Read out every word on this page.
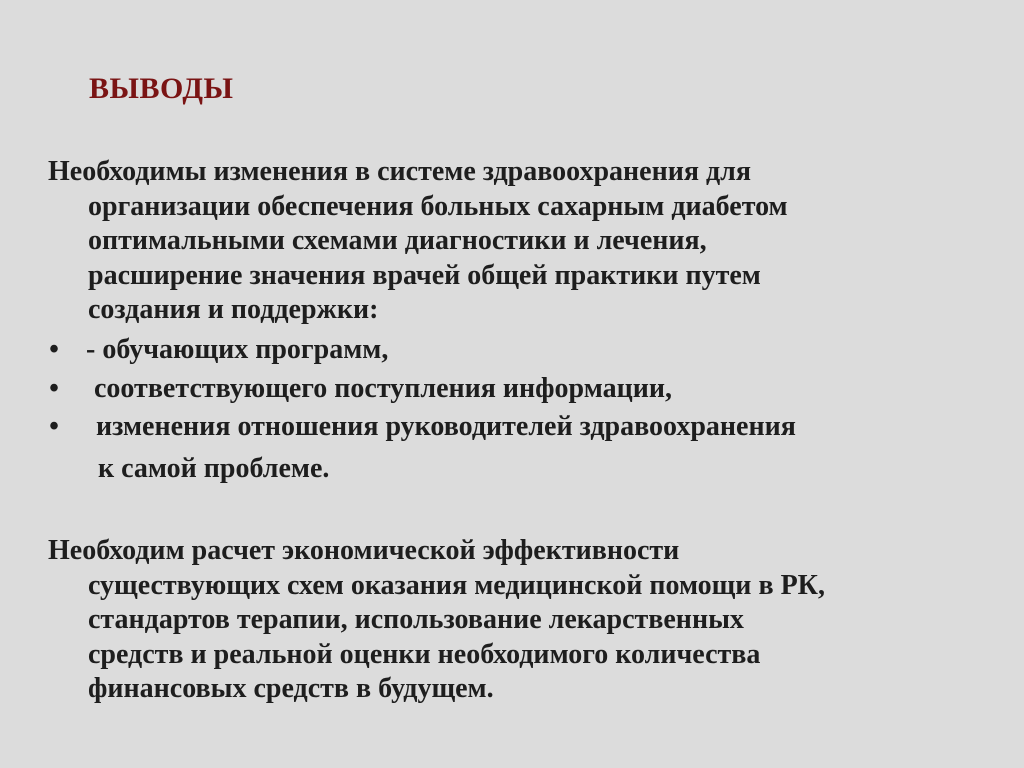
ВЫВОДЫ
Необходимы изменения в системе здравоохранения для
организации обеспечения больных сахарным диабетом
оптимальными схемами диагностики и лечения,
расширение значения врачей общей практики путем
создания и поддержки:
• - обучающих программ,
• соответствующего поступления информации,
• изменения отношения руководителей здравоохранения
к самой проблеме.
Необходим расчет экономической эффективности
существующих схем оказания медицинской помощи в РК,
стандартов терапии, использование лекарственных
средств и реальной оценки необходимого количества
финансовых средств в будущем.
